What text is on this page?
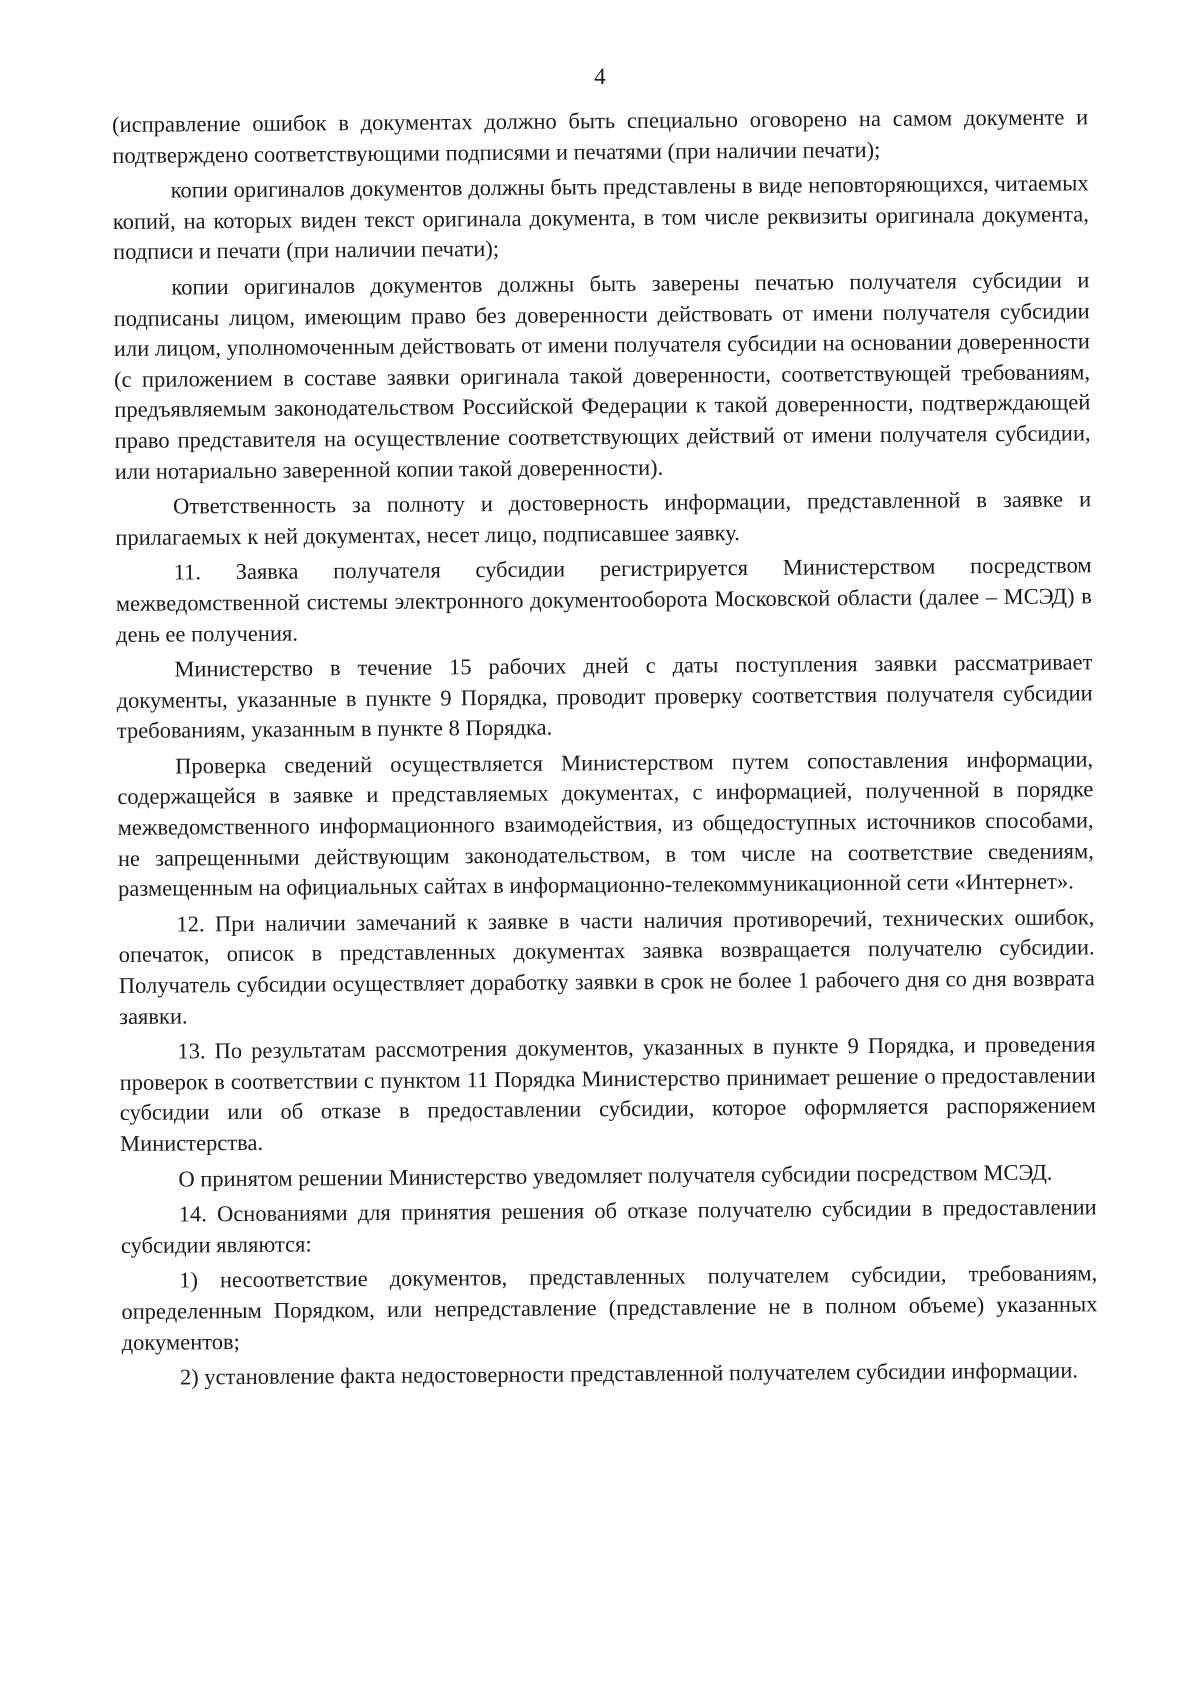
4

(исправление ошибок в документах должно быть специально оговорено на самом документе и подтверждено соответствующими подписями и печатями (при наличии печати);

копии оригиналов документов должны быть представлены в виде неповторяющихся, читаемых копий, на которых виден текст оригинала документа, в том числе реквизиты оригинала документа, подписи и печати (при наличии печати);

копии оригиналов документов должны быть заверены печатью получателя субсидии и подписаны лицом, имеющим право без доверенности действовать от имени получателя субсидии или лицом, уполномоченным действовать от имени получателя субсидии на основании доверенности (с приложением в составе заявки оригинала такой доверенности, соответствующей требованиям, предъявляемым законодательством Российской Федерации к такой доверенности, подтверждающей право представителя на осуществление соответствующих действий от имени получателя субсидии, или нотариально заверенной копии такой доверенности).

Ответственность за полноту и достоверность информации, представленной в заявке и прилагаемых к ней документах, несет лицо, подписавшее заявку.

11. Заявка получателя субсидии регистрируется Министерством посредством межведомственной системы электронного документооборота Московской области (далее – МСЭД) в день ее получения.

Министерство в течение 15 рабочих дней с даты поступления заявки рассматривает документы, указанные в пункте 9 Порядка, проводит проверку соответствия получателя субсидии требованиям, указанным в пункте 8 Порядка.

Проверка сведений осуществляется Министерством путем сопоставления информации, содержащейся в заявке и представляемых документах, с информацией, полученной в порядке межведомственного информационного взаимодействия, из общедоступных источников способами, не запрещенными действующим законодательством, в том числе на соответствие сведениям, размещенным на официальных сайтах в информационно-телекоммуникационной сети «Интернет».

12. При наличии замечаний к заявке в части наличия противоречий, технических ошибок, опечаток, описок в представленных документах заявка возвращается получателю субсидии. Получатель субсидии осуществляет доработку заявки в срок не более 1 рабочего дня со дня возврата заявки.

13. По результатам рассмотрения документов, указанных в пункте 9 Порядка, и проведения проверок в соответствии с пунктом 11 Порядка Министерство принимает решение о предоставлении субсидии или об отказе в предоставлении субсидии, которое оформляется распоряжением Министерства.

О принятом решении Министерство уведомляет получателя субсидии посредством МСЭД.

14. Основаниями для принятия решения об отказе получателю субсидии в предоставлении субсидии являются:

1) несоответствие документов, представленных получателем субсидии, требованиям, определенным Порядком, или непредставление (представление не в полном объеме) указанных документов;

2) установление факта недостоверности представленной получателем субсидии информации.
